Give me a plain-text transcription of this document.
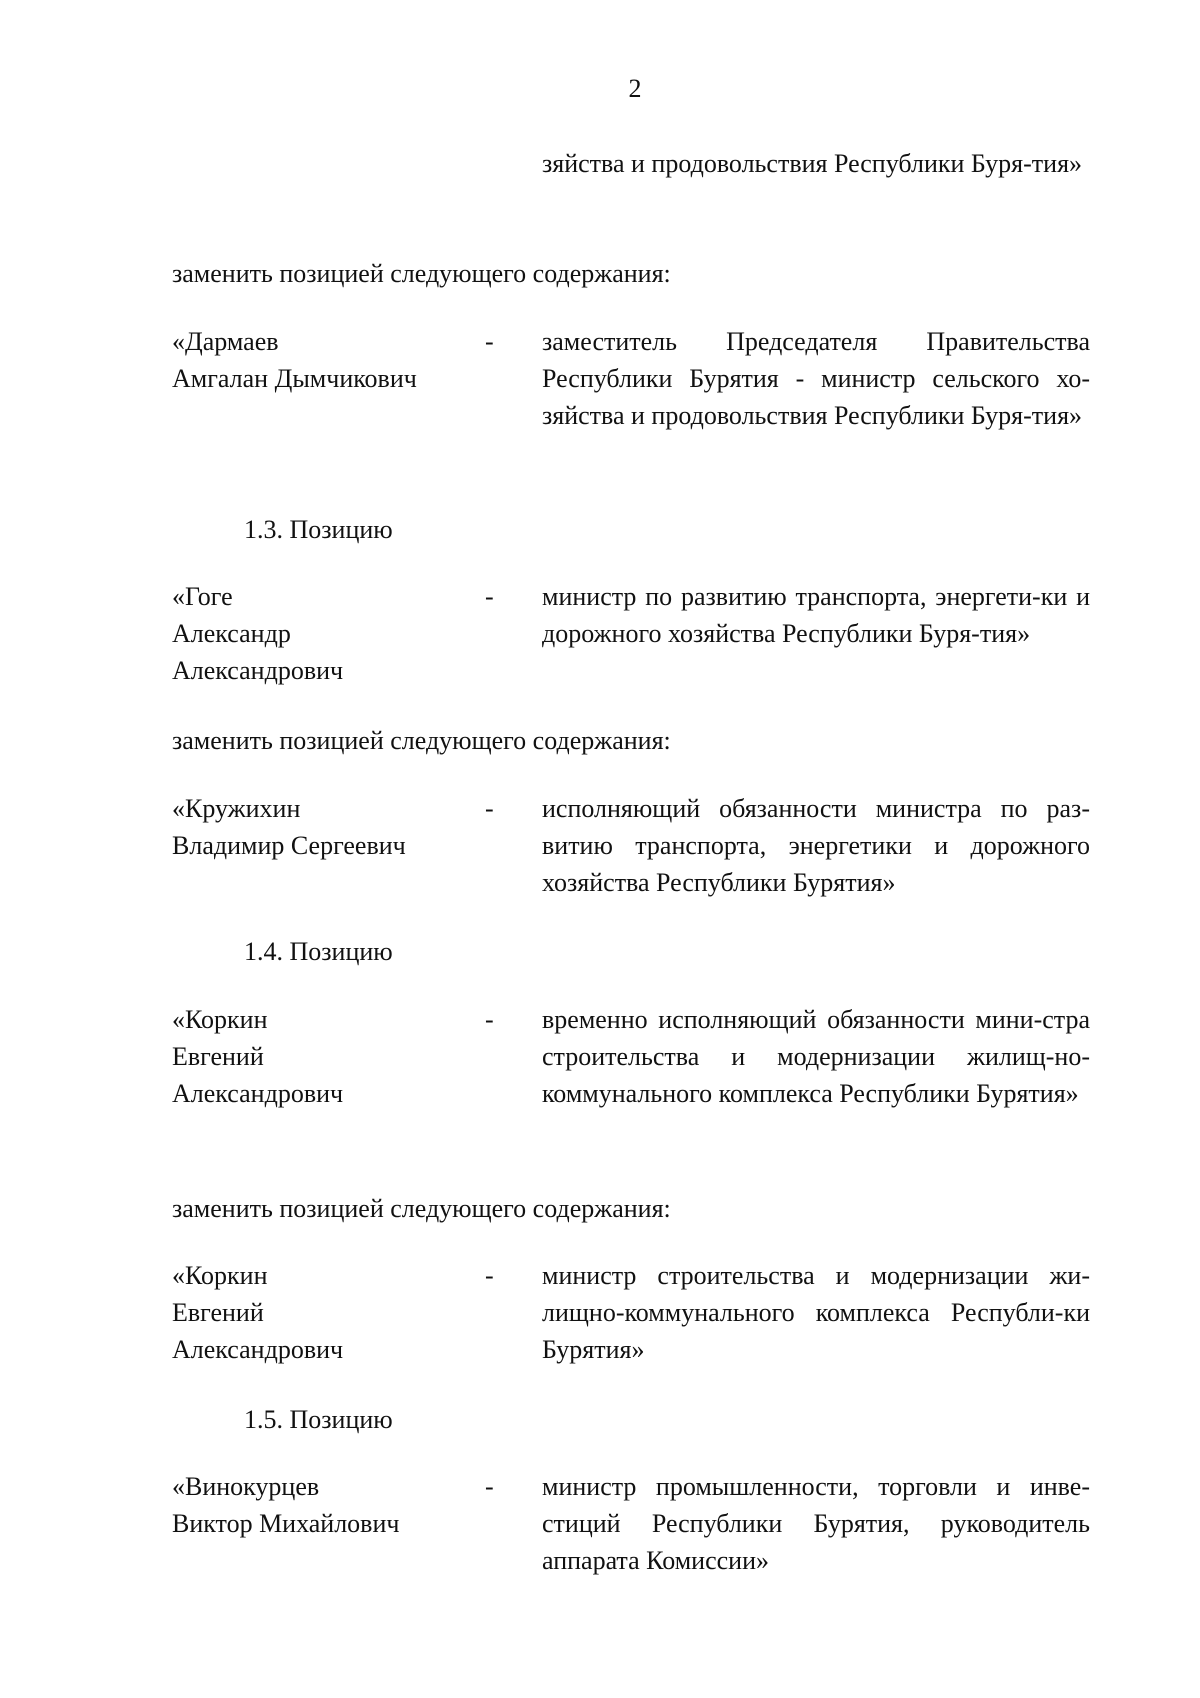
2
зяйства и продовольствия Республики Буря-тия»
заменить позицией следующего содержания:
«Дармаев
Амгалан Дымчикович
- заместитель Председателя Правительства Республики Бурятия - министр сельского хо-зяйства и продовольствия Республики Буря-тия»
1.3. Позицию
«Гоге
Александр
Александрович
- министр по развитию транспорта, энергети-ки и дорожного хозяйства Республики Буря-тия»
заменить позицией следующего содержания:
«Кружихин
Владимир Сергеевич
- исполняющий обязанности министра по раз-витию транспорта, энергетики и дорожного хозяйства Республики Бурятия»
1.4. Позицию
«Коркин
Евгений
Александрович
- временно исполняющий обязанности мини-стра строительства и модернизации жилищ-но-коммунального комплекса Республики Бурятия»
заменить позицией следующего содержания:
«Коркин
Евгений
Александрович
- министр строительства и модернизации жи-лищно-коммунального комплекса Республи-ки Бурятия»
1.5. Позицию
«Винокурцев
Виктор Михайлович
- министр промышленности, торговли и инве-стиций Республики Бурятия, руководитель аппарата Комиссии»
